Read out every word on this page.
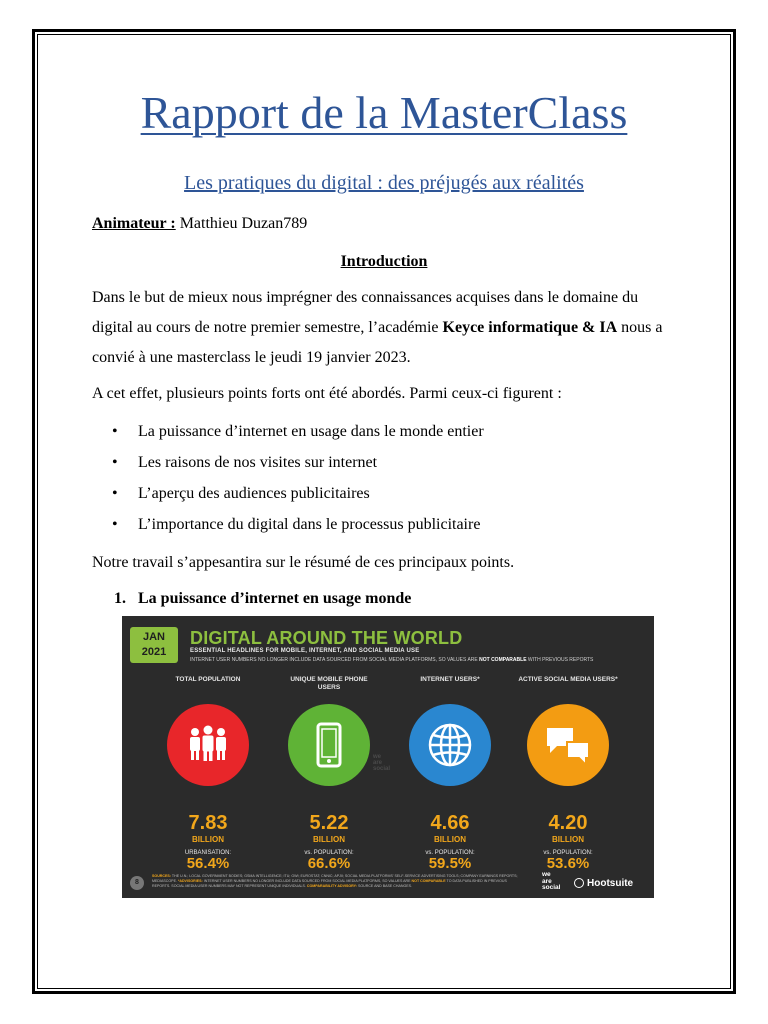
Rapport de la MasterClass
Les pratiques du digital : des préjugés aux réalités
Animateur : Matthieu Duzan789
Introduction
Dans le but de mieux nous imprégner des connaissances acquises dans le domaine du digital au cours de notre premier semestre, l’académie Keyce informatique & IA nous a convié à une masterclass le jeudi 19 janvier 2023.
A cet effet, plusieurs points forts ont été abordés. Parmi ceux-ci figurent :
• La puissance d’internet en usage dans le monde entier
• Les raisons de nos visites sur internet
• L’aperçu des audiences publicitaires
• L’importance du digital dans le processus publicitaire
Notre travail s’appesantira sur le résumé de ces principaux points.
1. La puissance d’internet en usage monde
JAN
2021
DIGITAL AROUND THE WORLD
ESSENTIAL HEADLINES FOR MOBILE, INTERNET, AND SOCIAL MEDIA USE
INTERNET USER NUMBERS NO LONGER INCLUDE DATA SOURCED FROM SOCIAL MEDIA PLATFORMS, SO VALUES ARE NOT COMPARABLE WITH PREVIOUS REPORTS
TOTAL POPULATION
7.83
BILLION
URBANISATION:
56.4%
UNIQUE MOBILE PHONE USERS
5.22
BILLION
vs. POPULATION:
66.6%
INTERNET USERS*
4.66
BILLION
vs. POPULATION:
59.5%
ACTIVE SOCIAL MEDIA USERS*
4.20
BILLION
vs. POPULATION:
53.6%
we
are
social
8
SOURCES: THE U.N.; LOCAL GOVERNMENT BODIES; GSMA INTELLIGENCE; ITU; GWI; EUROSTAT; CNNIC; APJII; SOCIAL MEDIA PLATFORMS' SELF-SERVICE ADVERTISING TOOLS; COMPANY EARNINGS REPORTS; MEDIASCOPE. *ADVISORIES: INTERNET USER NUMBERS NO LONGER INCLUDE DATA SOURCED FROM SOCIAL MEDIA PLATFORMS, SO VALUES ARE NOT COMPARABLE TO DATA PUBLISHED IN PREVIOUS REPORTS. SOCIAL MEDIA USER NUMBERS MAY NOT REPRESENT UNIQUE INDIVIDUALS. COMPARABILITY ADVISORY: SOURCE AND BASE CHANGES.
we
are
social	Hootsuite
